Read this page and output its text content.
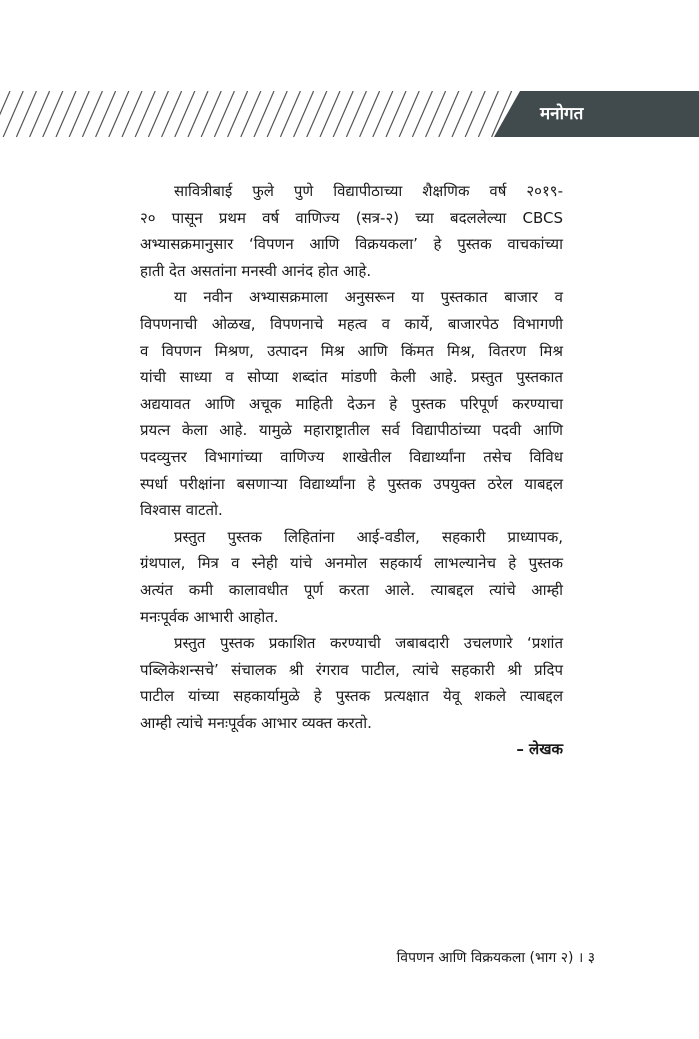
मनोगत
सावित्रीबाई फुले पुणे विद्यापीठाच्या शैक्षणिक वर्ष २०१९-
२० पासून प्रथम वर्ष वाणिज्य (सत्र-२) च्या बदललेल्या CBCS
अभ्यासक्रमानुसार ‘विपणन आणि विक्रयकला’ हे पुस्तक वाचकांच्या
हाती देत असतांना मनस्वी आनंद होत आहे.
या नवीन अभ्यासक्रमाला अनुसरून या पुस्तकात बाजार व
विपणनाची ओळख, विपणनाचे महत्व व कार्ये, बाजारपेठ विभागणी
व विपणन मिश्रण, उत्पादन मिश्र आणि किंमत मिश्र, वितरण मिश्र
यांची साध्या व सोप्या शब्दांत मांडणी केली आहे. प्रस्तुत पुस्तकात
अद्ययावत आणि अचूक माहिती देऊन हे पुस्तक परिपूर्ण करण्याचा
प्रयत्न केला आहे. यामुळे महाराष्ट्रातील सर्व विद्यापीठांच्या पदवी आणि
पदव्युत्तर विभागांच्या वाणिज्य शाखेतील विद्यार्थ्यांना तसेच विविध
स्पर्धा परीक्षांना बसणाऱ्या विद्यार्थ्यांना हे पुस्तक उपयुक्त ठरेल याबद्दल
विश्वास वाटतो.
प्रस्तुत पुस्तक लिहितांना आई-वडील, सहकारी प्राध्यापक,
ग्रंथपाल, मित्र व स्नेही यांचे अनमोल सहकार्य लाभल्यानेच हे पुस्तक
अत्यंत कमी कालावधीत पूर्ण करता आले. त्याबद्दल त्यांचे आम्ही
मनःपूर्वक आभारी आहोत.
प्रस्तुत पुस्तक प्रकाशित करण्याची जबाबदारी उचलणारे ‘प्रशांत
पब्लिकेशन्सचे’ संचालक श्री रंगराव पाटील, त्यांचे सहकारी श्री प्रदिप
पाटील यांच्या सहकार्यामुळे हे पुस्तक प्रत्यक्षात येवू शकले त्याबद्दल
आम्ही त्यांचे मनःपूर्वक आभार व्यक्त करतो.
– लेखक
विपणन आणि विक्रयकला (भाग २) । ३
